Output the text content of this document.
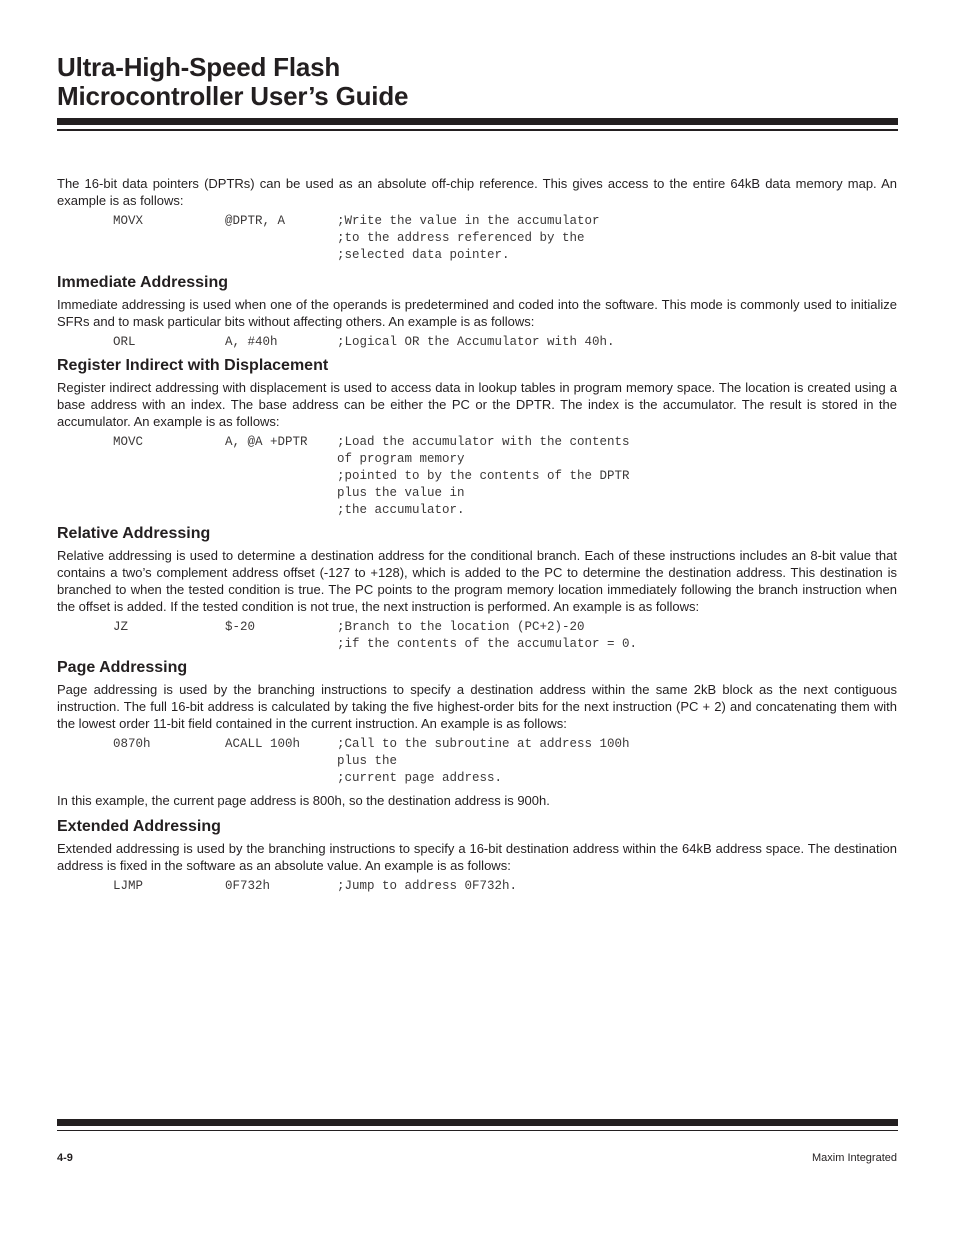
Ultra-High-Speed Flash
Microcontroller User’s Guide

The 16-bit data pointers (DPTRs) can be used as an absolute off-chip reference. This gives access to the entire 64kB data memory map. An example is as follows:

MOVX	@DPTR, A	;Write the value in the accumulator
;to the address referenced by the
;selected data pointer.
Immediate Addressing

Immediate addressing is used when one of the operands is predetermined and coded into the software. This mode is commonly used to initialize SFRs and to mask particular bits without affecting others. An example is as follows:

ORL	A, #40h	;Logical OR the Accumulator with 40h.
Register Indirect with Displacement

Register indirect addressing with displacement is used to access data in lookup tables in program memory space. The location is created using a base address with an index. The base address can be either the PC or the DPTR. The index is the accumulator. The result is stored in the accumulator. An example is as follows:

MOVC	A, @A +DPTR ;Load the accumulator with the contents
of program memory
;pointed to by the contents of the DPTR
plus the value in
;the accumulator.
Relative Addressing

Relative addressing is used to determine a destination address for the conditional branch. Each of these instructions includes an 8-bit value that contains a two’s complement address offset (-127 to +128), which is added to the PC to determine the destination address. This destination is branched to when the tested condition is true. The PC points to the program memory location immediately following the branch instruction when the offset is added. If the tested condition is not true, the next instruction is performed. An example is as follows:

JZ	$-20	;Branch to the location (PC+2)-20
;if the contents of the accumulator = 0.
Page Addressing

Page addressing is used by the branching instructions to specify a destination address within the same 2kB block as the next contiguous instruction. The full 16-bit address is calculated by taking the five highest-order bits for the next instruction (PC + 2) and concatenating them with the lowest order 11-bit field contained in the current instruction. An example is as follows:

0870h	ACALL 100h	;Call to the subroutine at address 100h
plus the
;current page address.

In this example, the current page address is 800h, so the destination address is 900h.

Extended Addressing

Extended addressing is used by the branching instructions to specify a 16-bit destination address within the 64kB address space. The destination address is fixed in the software as an absolute value. An example is as follows:

LJMP	0F732h	;Jump to address 0F732h.
4-9	Maxim Integrated
